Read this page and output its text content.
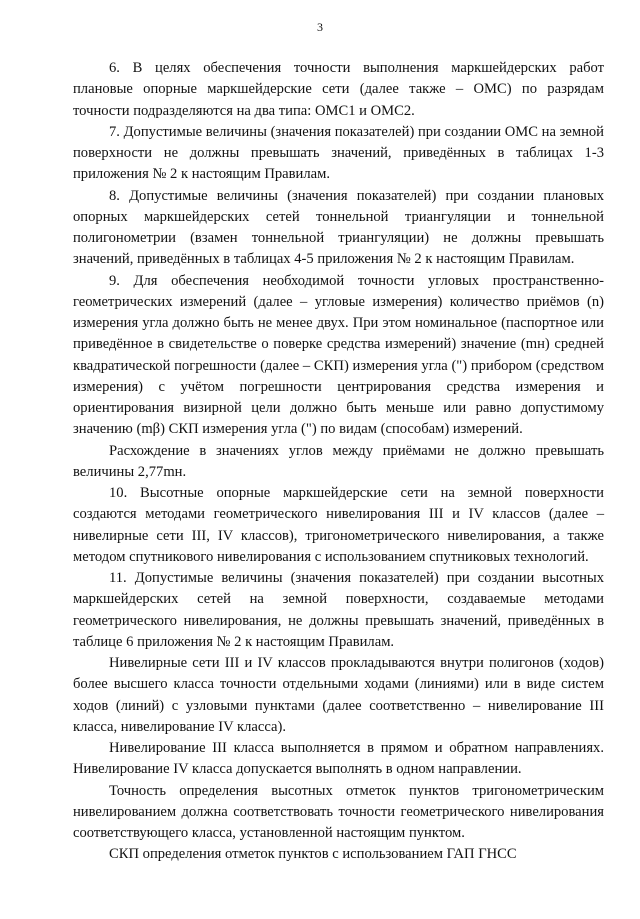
3

6. В целях обеспечения точности выполнения маркшейдерских работ плановые опорные маркшейдерские сети (далее также – ОМС) по разрядам точности подразделяются на два типа: ОМС1 и ОМС2.

7. Допустимые величины (значения показателей) при создании ОМС на земной поверхности не должны превышать значений, приведённых в таблицах 1-3 приложения № 2 к настоящим Правилам.

8. Допустимые величины (значения показателей) при создании плановых опорных маркшейдерских сетей тоннельной триангуляции и тоннельной полигонометрии (взамен тоннельной триангуляции) не должны превышать значений, приведённых в таблицах 4-5 приложения № 2 к настоящим Правилам.

9. Для обеспечения необходимой точности угловых пространственно-геометрических измерений (далее – угловые измерения) количество приёмов (n) измерения угла должно быть не менее двух. При этом номинальное (паспортное или приведённое в свидетельстве о поверке средства измерений) значение (mн) средней квадратической погрешности (далее – СКП) измерения угла (") прибором (средством измерения) с учётом погрешности центрирования средства измерения и ориентирования визирной цели должно быть меньше или равно допустимому значению (mβ) СКП измерения угла (") по видам (способам) измерений.

Расхождение в значениях углов между приёмами не должно превышать величины 2,77mн.

10. Высотные опорные маркшейдерские сети на земной поверхности создаются методами геометрического нивелирования III и IV классов (далее – нивелирные сети III, IV классов), тригонометрического нивелирования, а также методом спутникового нивелирования с использованием спутниковых технологий.

11. Допустимые величины (значения показателей) при создании высотных маркшейдерских сетей на земной поверхности, создаваемые методами геометрического нивелирования, не должны превышать значений, приведённых в таблице 6 приложения № 2 к настоящим Правилам.

Нивелирные сети III и IV классов прокладываются внутри полигонов (ходов) более высшего класса точности отдельными ходами (линиями) или в виде систем ходов (линий) с узловыми пунктами (далее соответственно – нивелирование III класса, нивелирование IV класса).

Нивелирование III класса выполняется в прямом и обратном направлениях. Нивелирование IV класса допускается выполнять в одном направлении.

Точность определения высотных отметок пунктов тригонометрическим нивелированием должна соответствовать точности геометрического нивелирования соответствующего класса, установленной настоящим пунктом.

СКП определения отметок пунктов с использованием ГАП ГНСС
